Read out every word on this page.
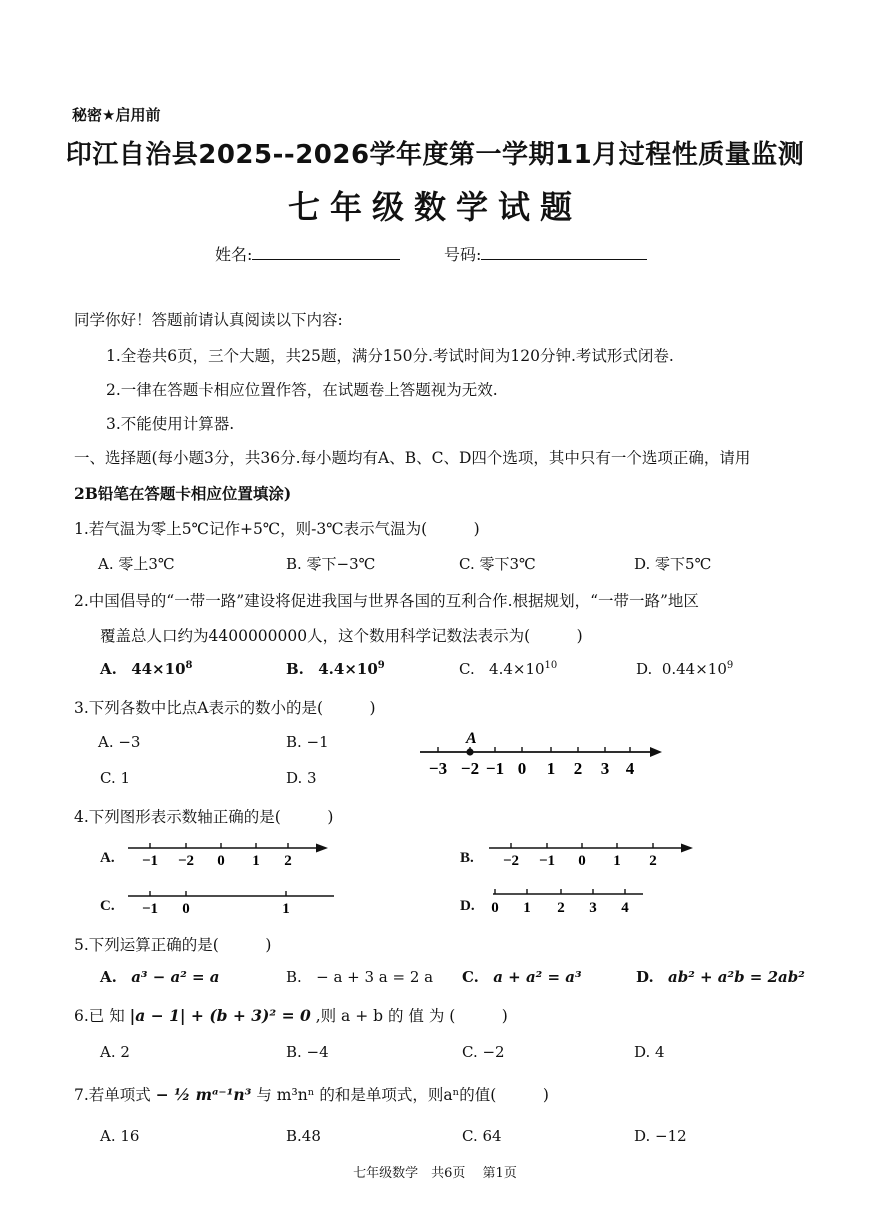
秘密★启用前
印江自治县2025--2026学年度第一学期11月过程性质量监测
七年级数学试题
姓名:	号码:
同学你好！答题前请认真阅读以下内容:
1.全卷共6页，三个大题，共25题，满分150分.考试时间为120分钟.考试形式闭卷.
2.一律在答题卡相应位置作答，在试题卷上答题视为无效.
3.不能使用计算器.
一、选择题(每小题3分，共36分.每小题均有A、B、C、D四个选项，其中只有一个选项正确，请用
2B铅笔在答题卡相应位置填涂)
1.若气温为零上5℃记作+5℃，则-3℃表示气温为(　　　)
A. 零上3℃	B. 零下−3℃	C. 零下3℃	D. 零下5℃
2.中国倡导的“一带一路”建设将促进我国与世界各国的互利合作.根据规划，“一带一路”地区
覆盖总人口约为4400000000人，这个数用科学记数法表示为(　　　)
A. $44\times 10^8$	B. $4.4\times 10^9$	C. $4.4\times 10^{10}$	D. $0.44\times 10^9$
3.下列各数中比点A表示的数小的是(　　　)
A. −3	B. −1
C. 1	D. 3	−3 −2 −1 0 1 2 3 4
A
4.下列图形表示数轴正确的是(　　　)
A. −1 −2 0 1 2	B. −2 −1 0 1 2
C. −1 0	1	D. 0 1 2 3 4
5.下列运算正确的是(　　　)
A. a³ − a² = a	B. − a + 3 a = 2 a C. a + a² = a³	D. ab² + a²b = 2ab²
6.已 知 |a − 1| + (b + 3)² = 0 ,则 a + b 的 值 为 (　　　)
A. 2	B. −4	C. −2	D. 4
7.若单项式 − ½ mᵃ⁻¹n³ 与 m³nⁿ 的和是单项式，则aⁿ的值(　　　)
A. 16	B.48	C. 64	D. −12
七年级数学　共6页　 第1页
